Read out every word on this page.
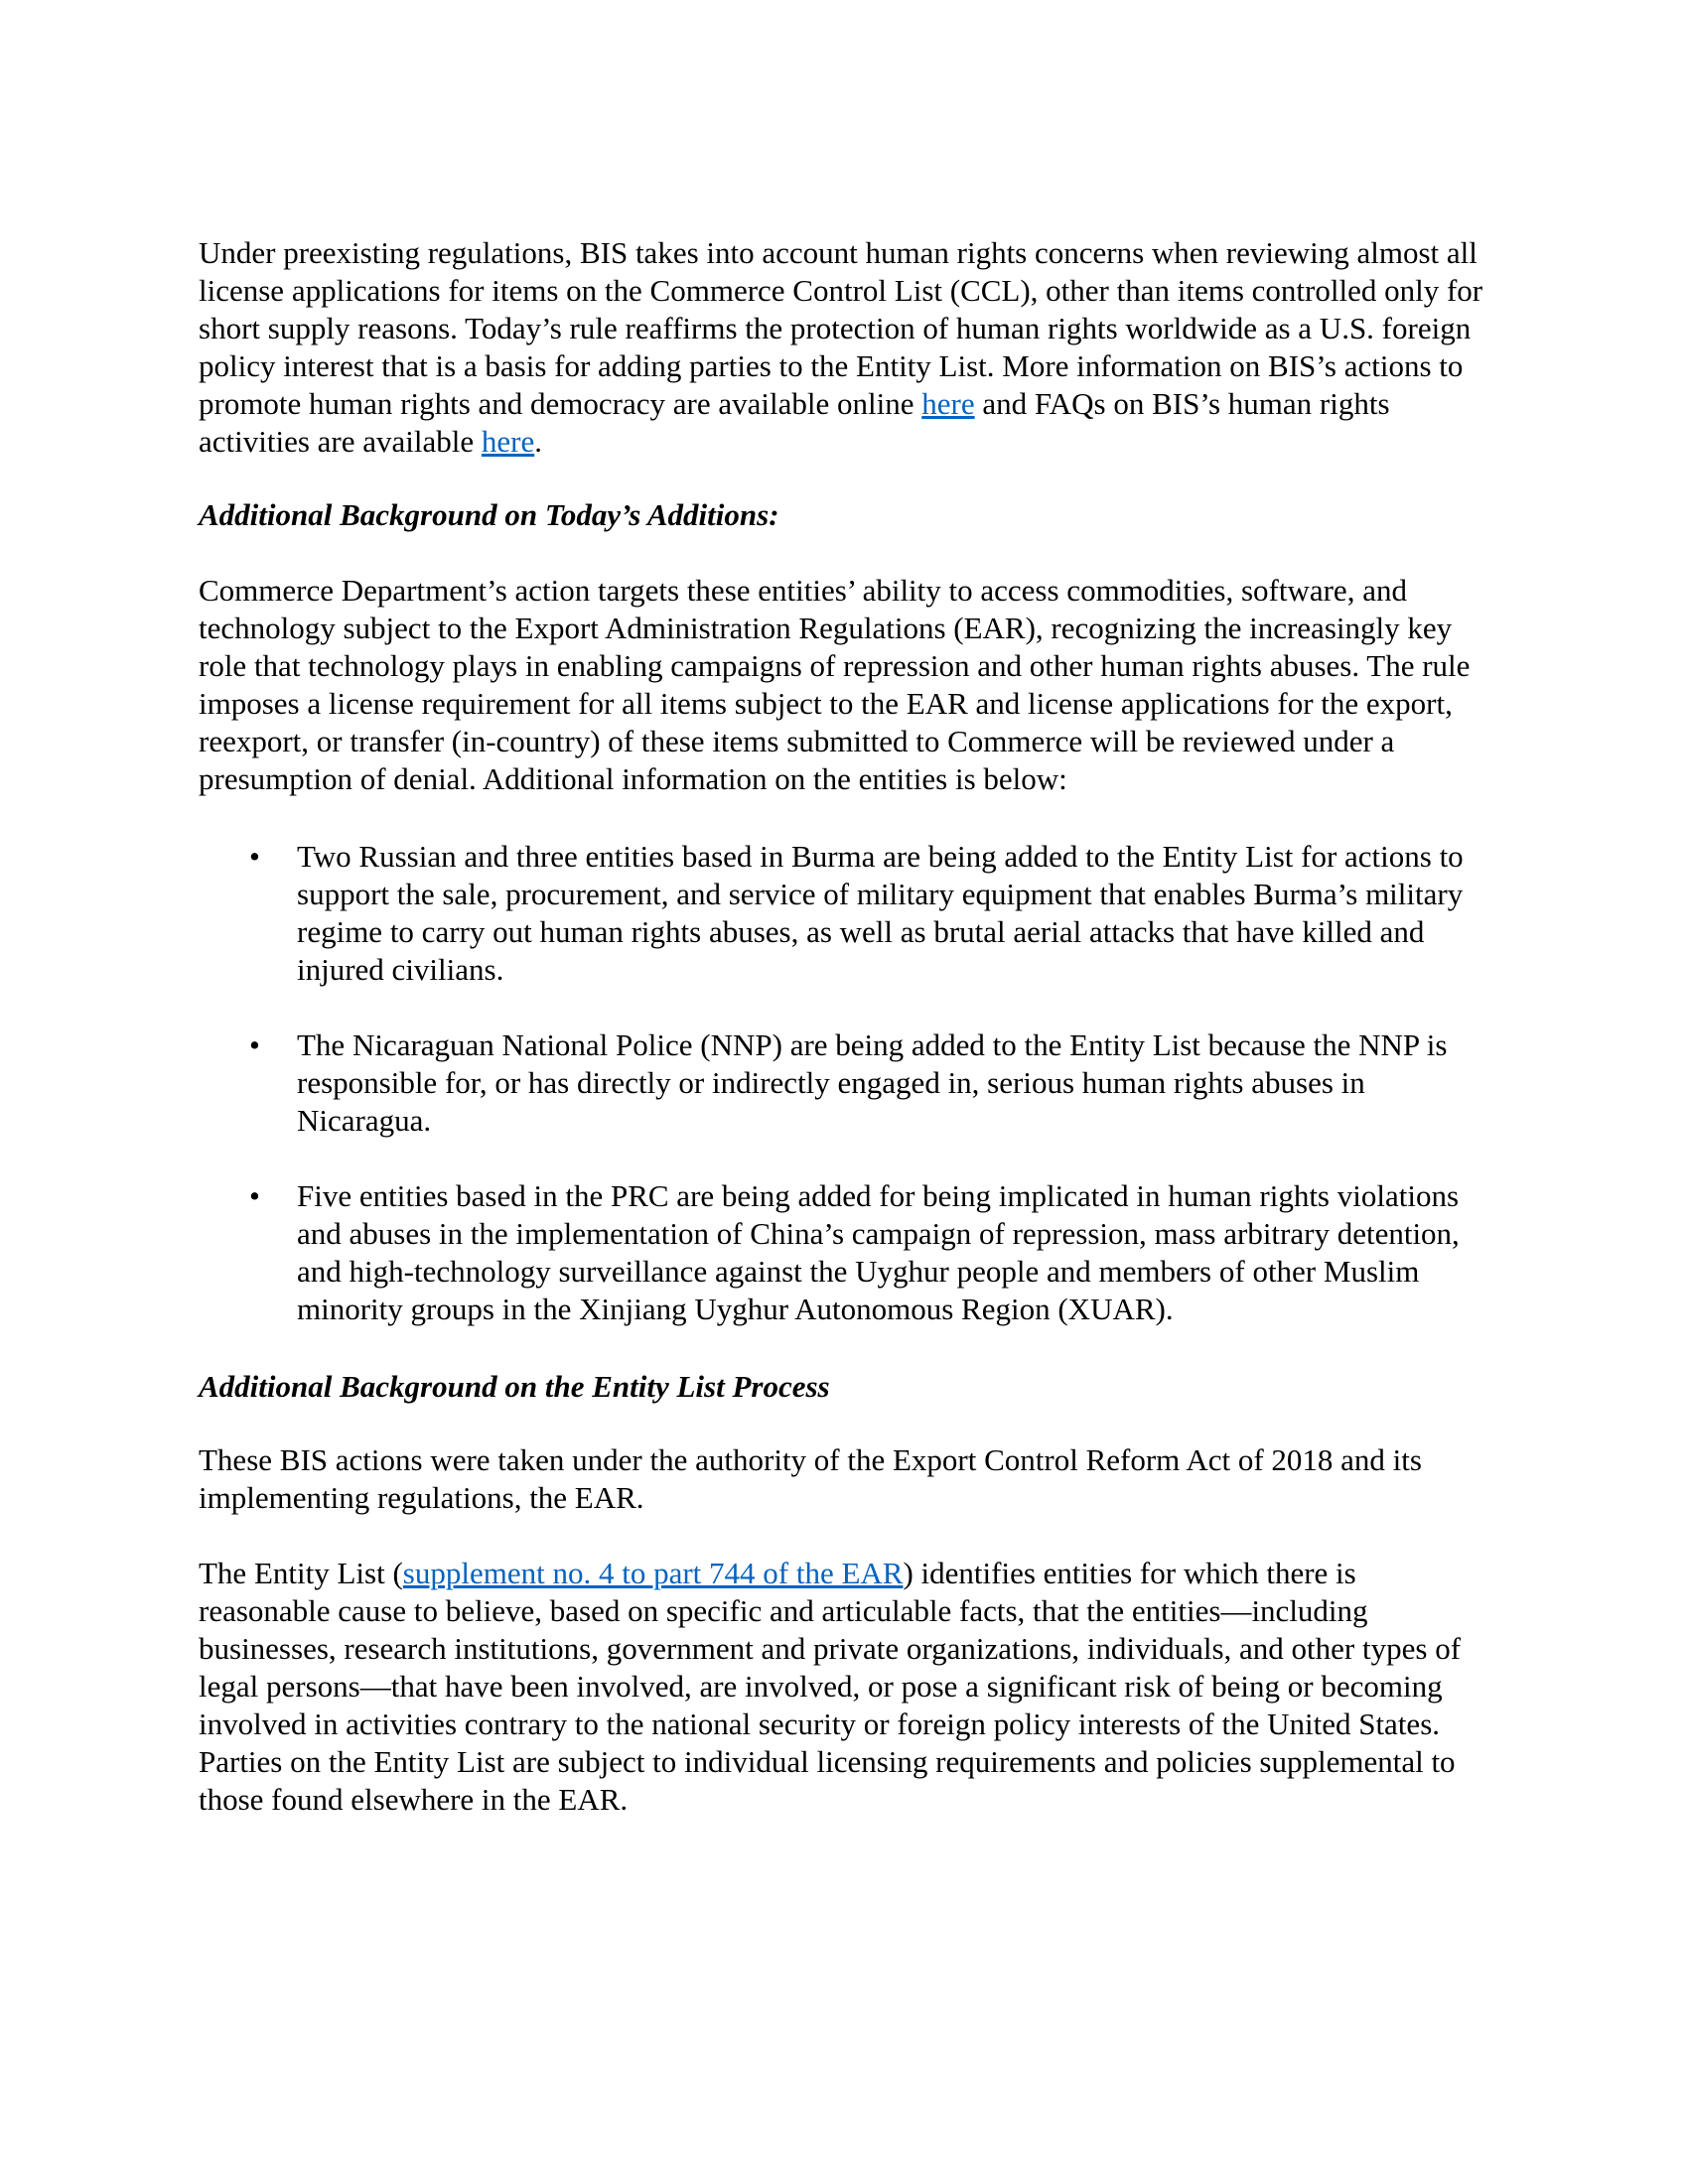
Under preexisting regulations, BIS takes into account human rights concerns when reviewing almost all license applications for items on the Commerce Control List (CCL), other than items controlled only for short supply reasons. Today’s rule reaffirms the protection of human rights worldwide as a U.S. foreign policy interest that is a basis for adding parties to the Entity List. More information on BIS’s actions to promote human rights and democracy are available online here and FAQs on BIS’s human rights activities are available here.

Additional Background on Today’s Additions:

Commerce Department’s action targets these entities’ ability to access commodities, software, and technology subject to the Export Administration Regulations (EAR), recognizing the increasingly key role that technology plays in enabling campaigns of repression and other human rights abuses. The rule imposes a license requirement for all items subject to the EAR and license applications for the export, reexport, or transfer (in-country) of these items submitted to Commerce will be reviewed under a presumption of denial. Additional information on the entities is below:

• Two Russian and three entities based in Burma are being added to the Entity List for actions to support the sale, procurement, and service of military equipment that enables Burma’s military regime to carry out human rights abuses, as well as brutal aerial attacks that have killed and injured civilians.
• The Nicaraguan National Police (NNP) are being added to the Entity List because the NNP is responsible for, or has directly or indirectly engaged in, serious human rights abuses in Nicaragua.
• Five entities based in the PRC are being added for being implicated in human rights violations and abuses in the implementation of China’s campaign of repression, mass arbitrary detention, and high-technology surveillance against the Uyghur people and members of other Muslim minority groups in the Xinjiang Uyghur Autonomous Region (XUAR).

Additional Background on the Entity List Process

These BIS actions were taken under the authority of the Export Control Reform Act of 2018 and its implementing regulations, the EAR.

The Entity List (supplement no. 4 to part 744 of the EAR) identifies entities for which there is reasonable cause to believe, based on specific and articulable facts, that the entities—including businesses, research institutions, government and private organizations, individuals, and other types of legal persons—that have been involved, are involved, or pose a significant risk of being or becoming involved in activities contrary to the national security or foreign policy interests of the United States. Parties on the Entity List are subject to individual licensing requirements and policies supplemental to those found elsewhere in the EAR.
